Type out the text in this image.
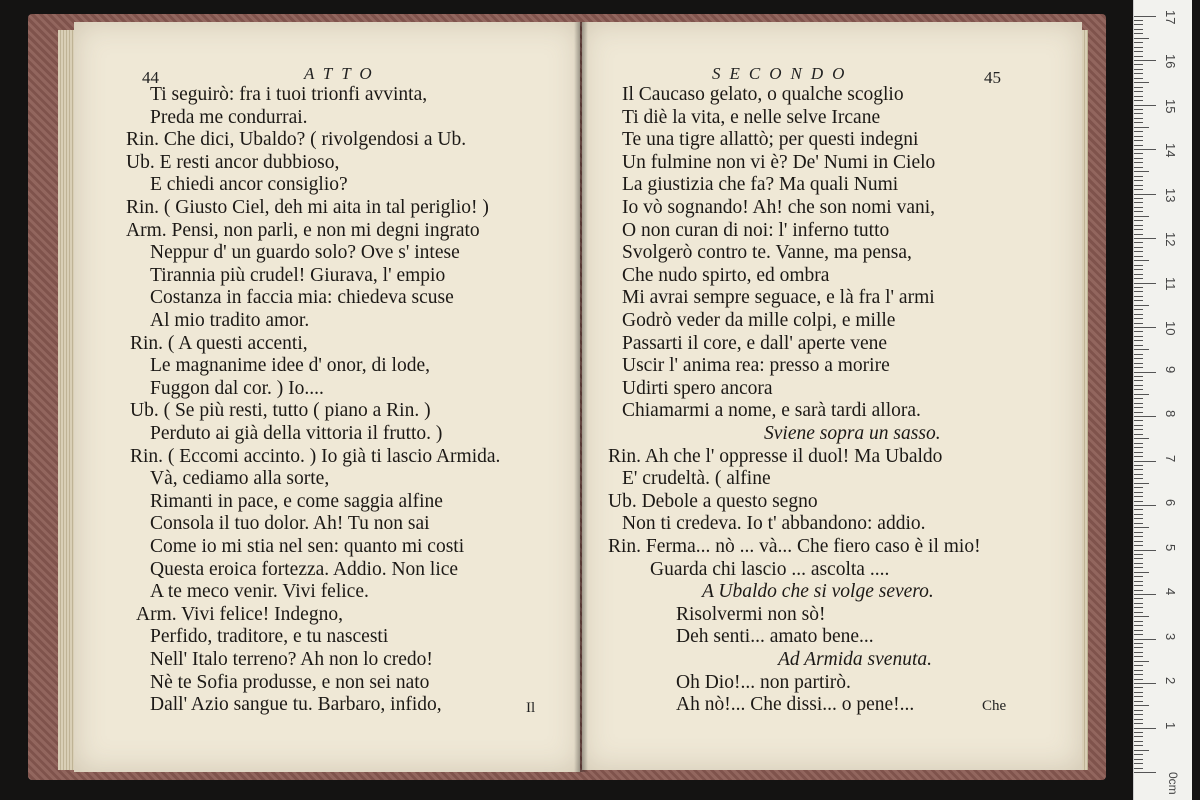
44	ATTO
Ti seguirò: fra i tuoi trionfi avvinta,
Preda me condurrai.
Rin. Che dici, Ubaldo? ( rivolgendosi a Ub.
Ub. E resti ancor dubbioso,
E chiedi ancor consiglio?
Rin. ( Giusto Ciel, deh mi aita in tal periglio! )
Arm. Pensi, non parli, e non mi degni ingrato
Neppur d' un guardo solo? Ove s' intese
Tirannia più crudel! Giurava, l' empio
Costanza in faccia mia: chiedeva scuse
Al mio tradito amor.
Rin. ( A questi accenti,
Le magnanime idee d' onor, di lode,
Fuggon dal cor. ) Io....
Ub. ( Se più resti, tutto ( piano a Rin. )
Perduto ai già della vittoria il frutto. )
Rin. ( Eccomi accinto. ) Io già ti lascio Armida.
Và, cediamo alla sorte,
Rimanti in pace, e come saggia alfine
Consola il tuo dolor. Ah! Tu non sai
Come io mi stia nel sen: quanto mi costi
Questa eroica fortezza. Addio. Non lice
A te meco venir. Vivi felice.
Arm. Vivi felice! Indegno,
Perfido, traditore, e tu nascesti
Nell' Italo terreno? Ah non lo credo!
Nè te Sofia produsse, e non sei nato
Dall' Azio sangue tu. Barbaro, infido,	Il
SECONDO	45
Il Caucaso gelato, o qualche scoglio
Ti diè la vita, e nelle selve Ircane
Te una tigre allattò; per questi indegni
Un fulmine non vi è? De' Numi in Cielo
La giustizia che fa? Ma quali Numi
Io vò sognando! Ah! che son nomi vani,
O non curan di noi: l' inferno tutto
Svolgerò contro te. Vanne, ma pensa,
Che nudo spirto, ed ombra
Mi avrai sempre seguace, e là fra l' armi
Godrò veder da mille colpi, e mille
Passarti il core, e dall' aperte vene
Uscir l' anima rea: presso a morire
Udirti spero ancora
Chiamarmi a nome, e sarà tardi allora.
Sviene sopra un sasso.
Rin. Ah che l' oppresse il duol! Ma Ubaldo
E' crudeltà. ( alfine
Ub. Debole a questo segno
Non ti credeva. Io t' abbandono: addio.
Rin. Ferma... nò ... và... Che fiero caso è il mio!
Guarda chi lascio ... ascolta ....
A Ubaldo che si volge severo.
Risolvermi non sò!
Deh senti... amato bene...
Ad Armida svenuta.
Oh Dio!... non partirò.
Ah nò!... Che dissi... o pene!...	Che
0cm
1
2
3
4
5
6
7
8
9
10
11
12
13
14
15
16
17
